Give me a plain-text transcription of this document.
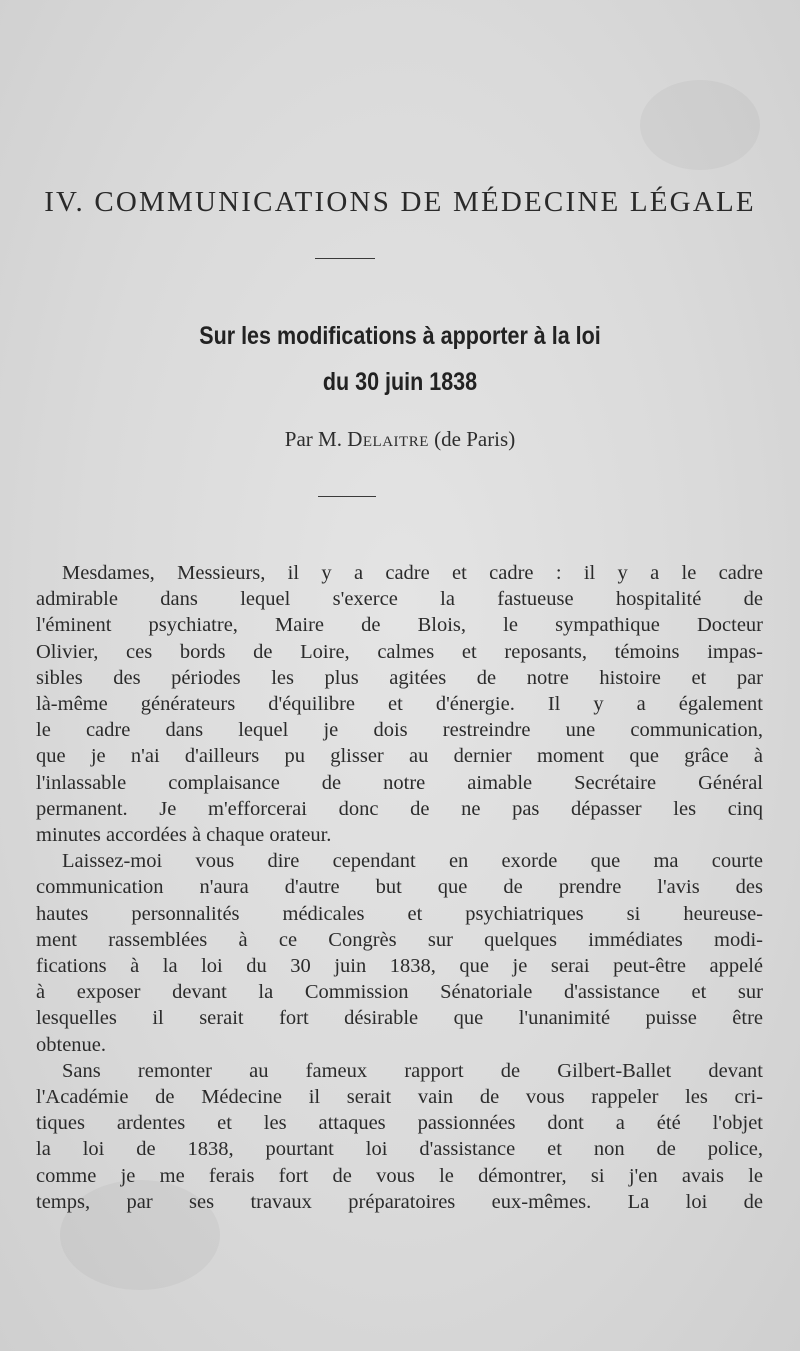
IV. COMMUNICATIONS DE MÉDECINE LÉGALE
Sur les modifications à apporter à la loi
du 30 juin 1838
Par M. Delaitre (de Paris)
Mesdames, Messieurs, il y a cadre et cadre : il y a le cadre
admirable dans lequel s'exerce la fastueuse hospitalité de
l'éminent psychiatre, Maire de Blois, le sympathique Docteur
Olivier, ces bords de Loire, calmes et reposants, témoins impas-
sibles des périodes les plus agitées de notre histoire et par
là-même générateurs d'équilibre et d'énergie. Il y a également
le cadre dans lequel je dois restreindre une communication,
que je n'ai d'ailleurs pu glisser au dernier moment que grâce à
l'inlassable complaisance de notre aimable Secrétaire Général
permanent. Je m'efforcerai donc de ne pas dépasser les cinq
minutes accordées à chaque orateur.
Laissez-moi vous dire cependant en exorde que ma courte
communication n'aura d'autre but que de prendre l'avis des
hautes personnalités médicales et psychiatriques si heureuse-
ment rassemblées à ce Congrès sur quelques immédiates modi-
fications à la loi du 30 juin 1838, que je serai peut-être appelé
à exposer devant la Commission Sénatoriale d'assistance et sur
lesquelles il serait fort désirable que l'unanimité puisse être
obtenue.
Sans remonter au fameux rapport de Gilbert-Ballet devant
l'Académie de Médecine il serait vain de vous rappeler les cri-
tiques ardentes et les attaques passionnées dont a été l'objet
la loi de 1838, pourtant loi d'assistance et non de police,
comme je me ferais fort de vous le démontrer, si j'en avais le
temps, par ses travaux préparatoires eux-mêmes. La loi de
